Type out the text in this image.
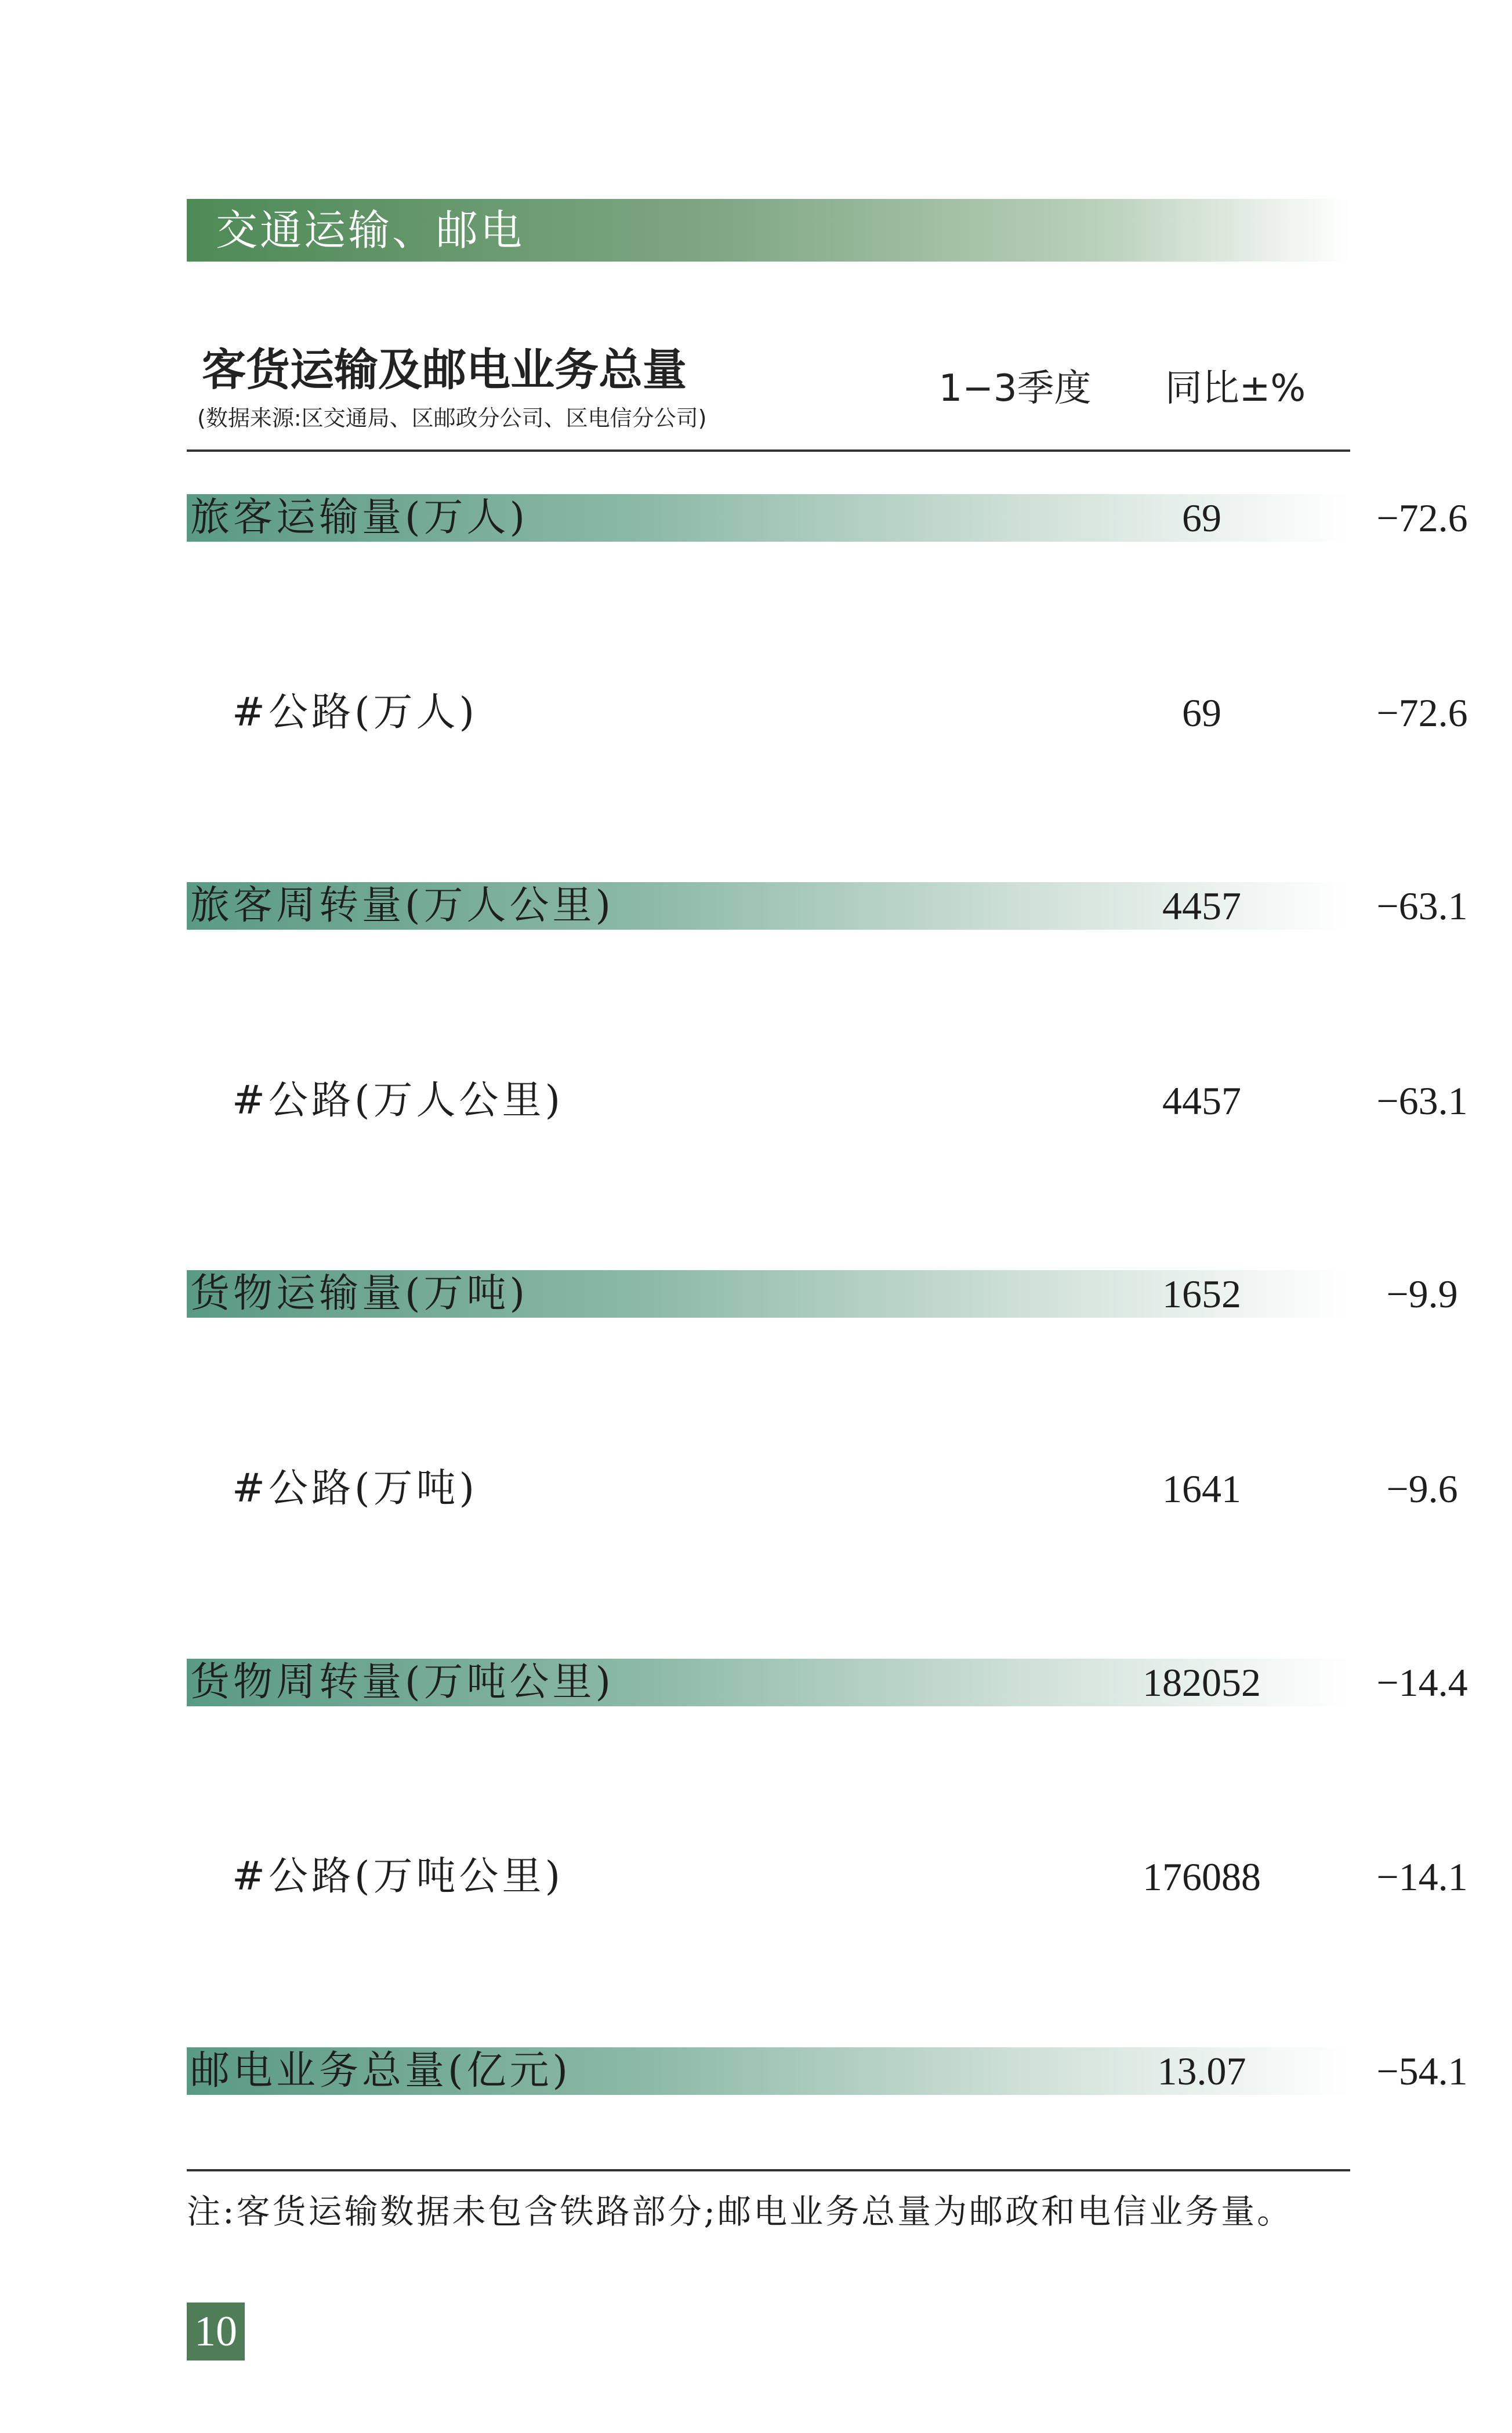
交通运输、邮电
客货运输及邮电业务总量
(数据来源:区交通局、区邮政分公司、区电信分公司)
1−3季度	同比±%
旅客运输量(万人)	69	−72.6
#公路(万人)	69	−72.6
旅客周转量(万人公里)	4457	−63.1
#公路(万人公里)	4457	−63.1
货物运输量(万吨)	1652	−9.9
#公路(万吨)	1641	−9.6
货物周转量(万吨公里)	182052	−14.4
#公路(万吨公里)	176088	−14.1
邮电业务总量(亿元)	13.07	−54.1
注:客货运输数据未包含铁路部分;邮电业务总量为邮政和电信业务量。
10
